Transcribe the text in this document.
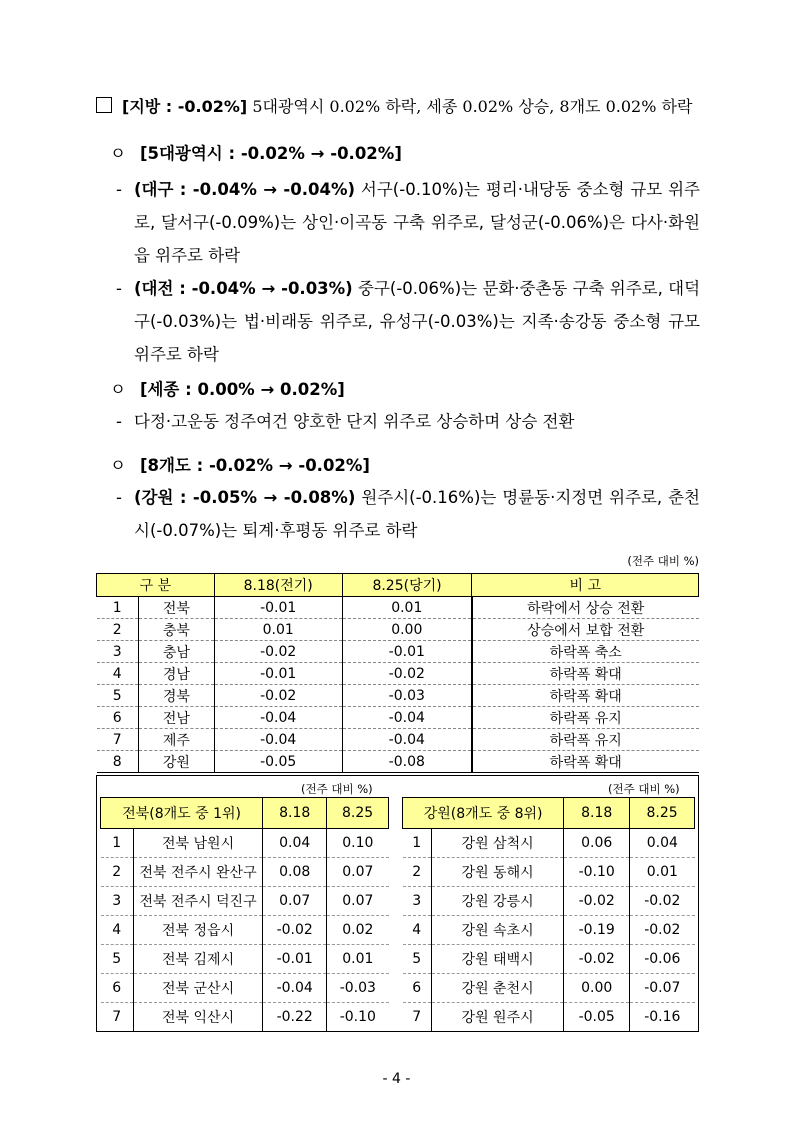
[지방 : -0.02%] 5대광역시 0.02% 하락, 세종 0.02% 상승, 8개도 0.02% 하락
ㅇ [5대광역시 : -0.02% → -0.02%]
- (대구 : -0.04% → -0.04%) 서구(-0.10%)는 평리·내당동 중소형 규모 위주로, 달서구(-0.09%)는 상인·이곡동 구축 위주로, 달성군(-0.06%)은 다사·화원읍 위주로 하락
- (대전 : -0.04% → -0.03%) 중구(-0.06%)는 문화·중촌동 구축 위주로, 대덕구(-0.03%)는 법·비래동 위주로, 유성구(-0.03%)는 지족·송강동 중소형 규모 위주로 하락
ㅇ [세종 : 0.00% → 0.02%]
- 다정·고운동 정주여건 양호한 단지 위주로 상승하며 상승 전환
ㅇ [8개도 : -0.02% → -0.02%]
- (강원 : -0.05% → -0.08%) 원주시(-0.16%)는 명륜동·지정면 위주로, 춘천시(-0.07%)는 퇴계·후평동 위주로 하락
(전주 대비 %)
구 분		8.18(전기)	8.25(당기)	비 고
1	전북	-0.01	0.01	하락에서 상승 전환
2	충북	0.01	0.00	상승에서 보합 전환
3	충남	-0.02	-0.01	하락폭 축소
4	경남	-0.01	-0.02	하락폭 확대
5	경북	-0.02	-0.03	하락폭 확대
6	전남	-0.04	-0.04	하락폭 유지
7	제주	-0.04	-0.04	하락폭 유지
8	강원	-0.05	-0.08	하락폭 확대
(전주 대비 %)
전북(8개도 중 1위)		8.18	8.25
1	전북 남원시	0.04	0.10
2	전북 전주시 완산구	0.08	0.07
3	전북 전주시 덕진구	0.07	0.07
4	전북 정읍시	-0.02	0.02
5	전북 김제시	-0.01	0.01
6	전북 군산시	-0.04	-0.03
7	전북 익산시	-0.22	-0.10
(전주 대비 %)
강원(8개도 중 8위)		8.18	8.25
1	강원 삼척시	0.06	0.04
2	강원 동해시	-0.10	0.01
3	강원 강릉시	-0.02	-0.02
4	강원 속초시	-0.19	-0.02
5	강원 태백시	-0.02	-0.06
6	강원 춘천시	0.00	-0.07
7	강원 원주시	-0.05	-0.16
- 4 -
